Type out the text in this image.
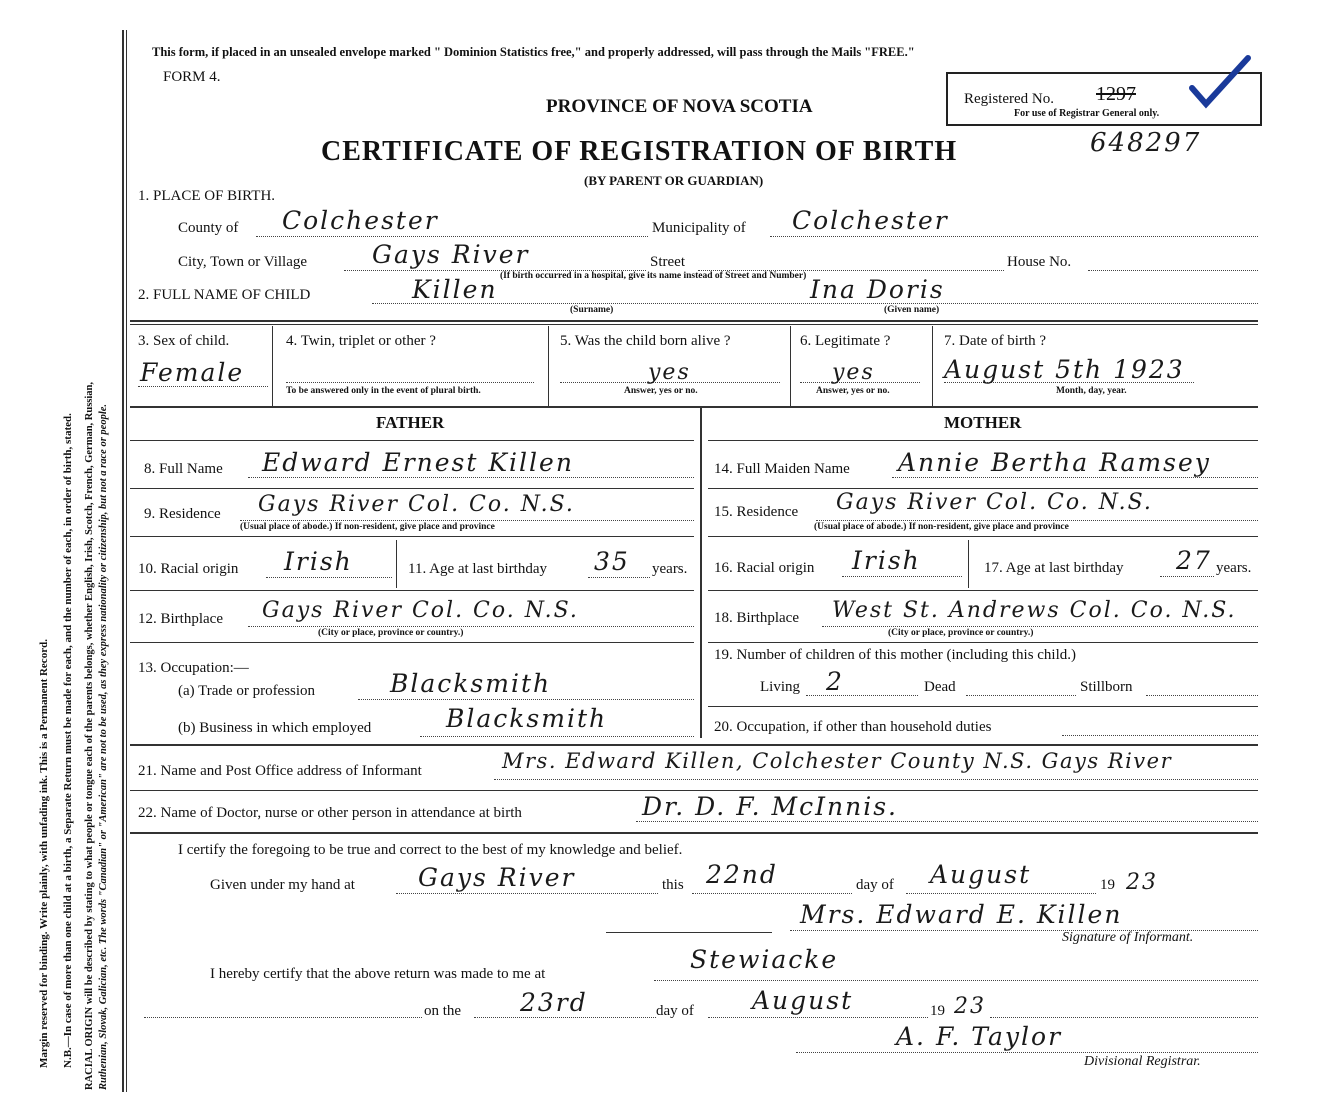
Margin reserved for binding. Write plainly, with unfading ink. This is a Permanent Record. N.B.—In case of more than one child at a birth, a Separate Return must be made for each, and the number of each, in order of birth, stated. RACIAL ORIGIN will be described by stating to what people or tongue each of the parents belongs, whether English, Irish, Scotch, French, German, Russian, Ruthenian, Slovak, Galician, etc. The words "Canadian" or "American" are not to be used, as they express nationality or citizenship, but not a race or people.
This form, if placed in an unsealed envelope marked " Dominion Statistics free," and properly addressed, will pass through the Mails "FREE."
FORM 4.
PROVINCE OF NOVA SCOTIA
CERTIFICATE OF REGISTRATION OF BIRTH
(BY PARENT OR GUARDIAN)
Registered No. 1297
For use of Registrar General only.
648297
1. PLACE OF BIRTH.
County of Colchester	Municipality of Colchester
City, Town or Village	Gays River	Street	House No.
(If birth occurred in a hospital, give its name instead of Street and Number)
2. FULL NAME OF CHILD	Killen
(Surname)
Ina Doris
(Given name)
3. Sex of child.
Female
4. Twin, triplet or other ?
To be answered only in the event of plural birth.
5. Was the child born alive ?
yes
Answer, yes or no.
6. Legitimate ?
yes
Answer, yes or no.
7. Date of birth ?
August 5th 1923
Month, day, year.
FATHER	MOTHER
8. Full Name Edward Ernest Killen
9. Residence Gays River Col. Co. N.S.
(Usual place of abode.) If non-resident, give place and province
10. Racial origin Irish	11. Age at last birthday 35 years.
12. Birthplace Gays River Col. Co. N.S.
(City or place, province or country.)
13. Occupation:—
(a) Trade or profession	Blacksmith
(b) Business in which employed	Blacksmith
14. Full Maiden Name Annie Bertha Ramsey
15. Residence Gays River Col. Co. N.S.
(Usual place of abode.) If non-resident, give place and province
16. Racial origin Irish	17. Age at last birthday 27 years.
18. Birthplace West St. Andrews Col. Co. N.S.
(City or place, province or country.)
19. Number of children of this mother (including this child.)
Living 2	Dead	Stillborn
20. Occupation, if other than household duties
21. Name and Post Office address of Informant	Mrs. Edward Killen, Colchester County N.S. Gays River
22. Name of Doctor, nurse or other person in attendance at birth	Dr. D. F. McInnis.
I certify the foregoing to be true and correct to the best of my knowledge and belief.
Given under my hand at	Gays River	this 22nd	day of August	19 23
Mrs. Edward E. Killen
Signature of Informant.
I hereby certify that the above return was made to me at	Stewiacke
on the 23rd	day of August	19 23
A. F. Taylor
Divisional Registrar.
